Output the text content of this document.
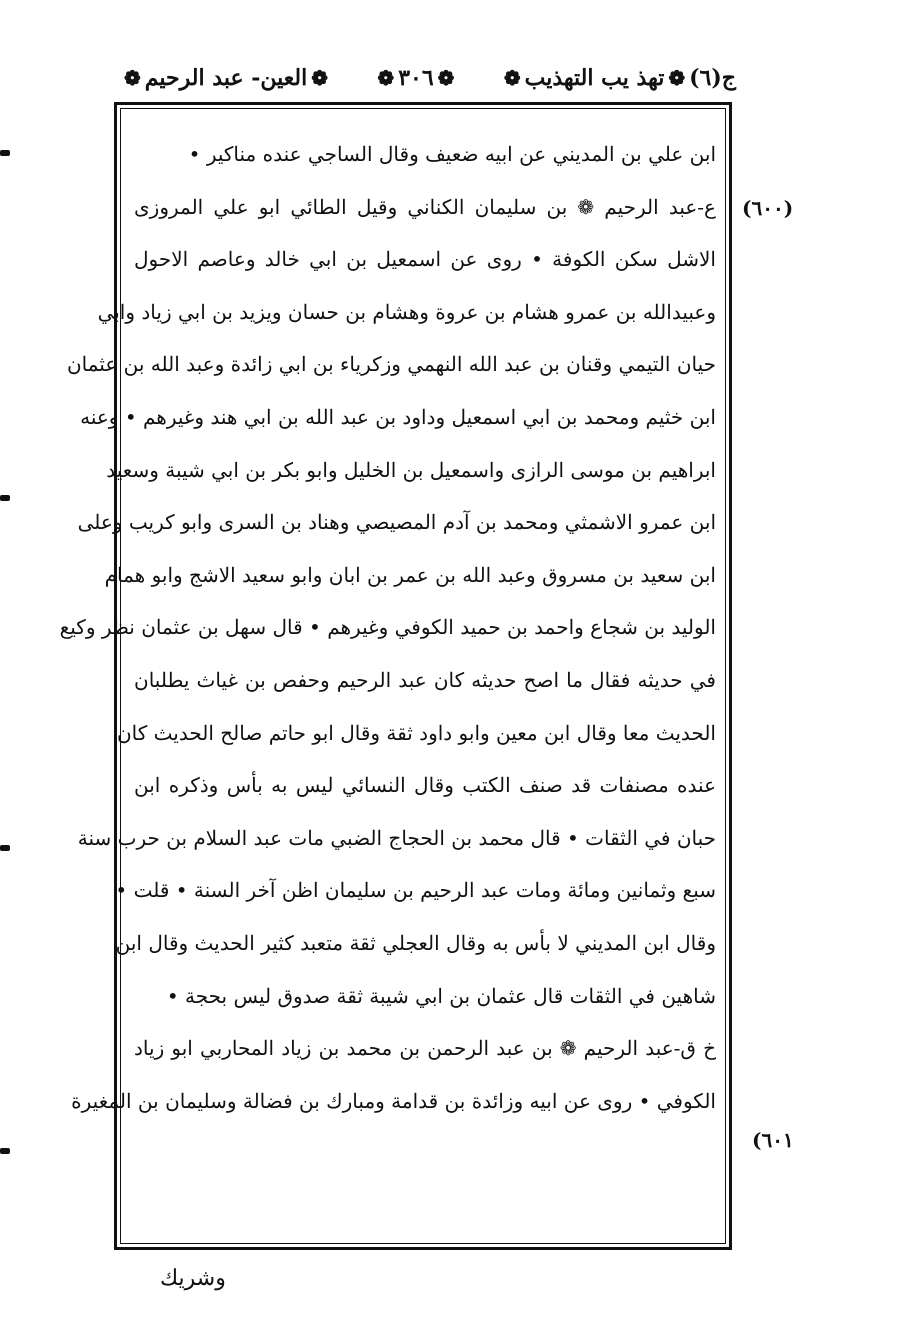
ج(٦)
❁
تهذ يب التهذيب
❁
❁
٣٠٦
❁
❁
العين- عبد الرحيم
❁
ابن علي بن المديني عن ابيه ضعيف وقال الساجي عنده مناكير •
ع-عبد الرحيم ❁ بن سليمان الكناني وقيل الطائي ابو علي المروزى
الاشل سكن الكوفة • روى عن اسمعيل بن ابي خالد وعاصم الاحول
وعبيدالله بن عمرو هشام بن عروة وهشام بن حسان ويزيد بن ابي زياد وابي
حيان التيمي وقنان بن عبد الله النهمي وزكرياء بن ابي زائدة وعبد الله بن عثمان
ابن خثيم ومحمد بن ابي اسمعيل وداود بن عبد الله بن ابي هند وغيرهم • وعنه
ابراهيم بن موسى الرازى واسمعيل بن الخليل وابو بكر بن ابي شيبة وسعيد
ابن عمرو الاشمثي ومحمد بن آدم المصيصي وهناد بن السرى وابو كريب وعلى
ابن سعيد بن مسروق وعبد الله بن عمر بن ابان وابو سعيد الاشج وابو همام
الوليد بن شجاع واحمد بن حميد الكوفي وغيرهم • قال سهل بن عثمان نظر وكيع
في حديثه فقال ما اصح حديثه كان عبد الرحيم وحفص بن غياث يطلبان
الحديث معا وقال ابن معين وابو داود ثقة وقال ابو حاتم صالح الحديث كان
عنده مصنفات قد صنف الكتب وقال النسائي ليس به بأس وذكره ابن
حبان في الثقات • قال محمد بن الحجاج الضبي مات عبد السلام بن حرب سنة
سبع وثمانين ومائة ومات عبد الرحيم بن سليمان اظن آخر السنة • قلت •
وقال ابن المديني لا بأس به وقال العجلي ثقة متعبد كثير الحديث وقال ابن
شاهين في الثقات قال عثمان بن ابي شيبة ثقة صدوق ليس بحجة •
خ ق-عبد الرحيم ❁ بن عبد الرحمن بن محمد بن زياد المحاربي ابو زياد
الكوفي • روى عن ابيه وزائدة بن قدامة ومبارك بن فضالة وسليمان بن المغيرة
(٦٠٠)
(٦٠١
وشريك
